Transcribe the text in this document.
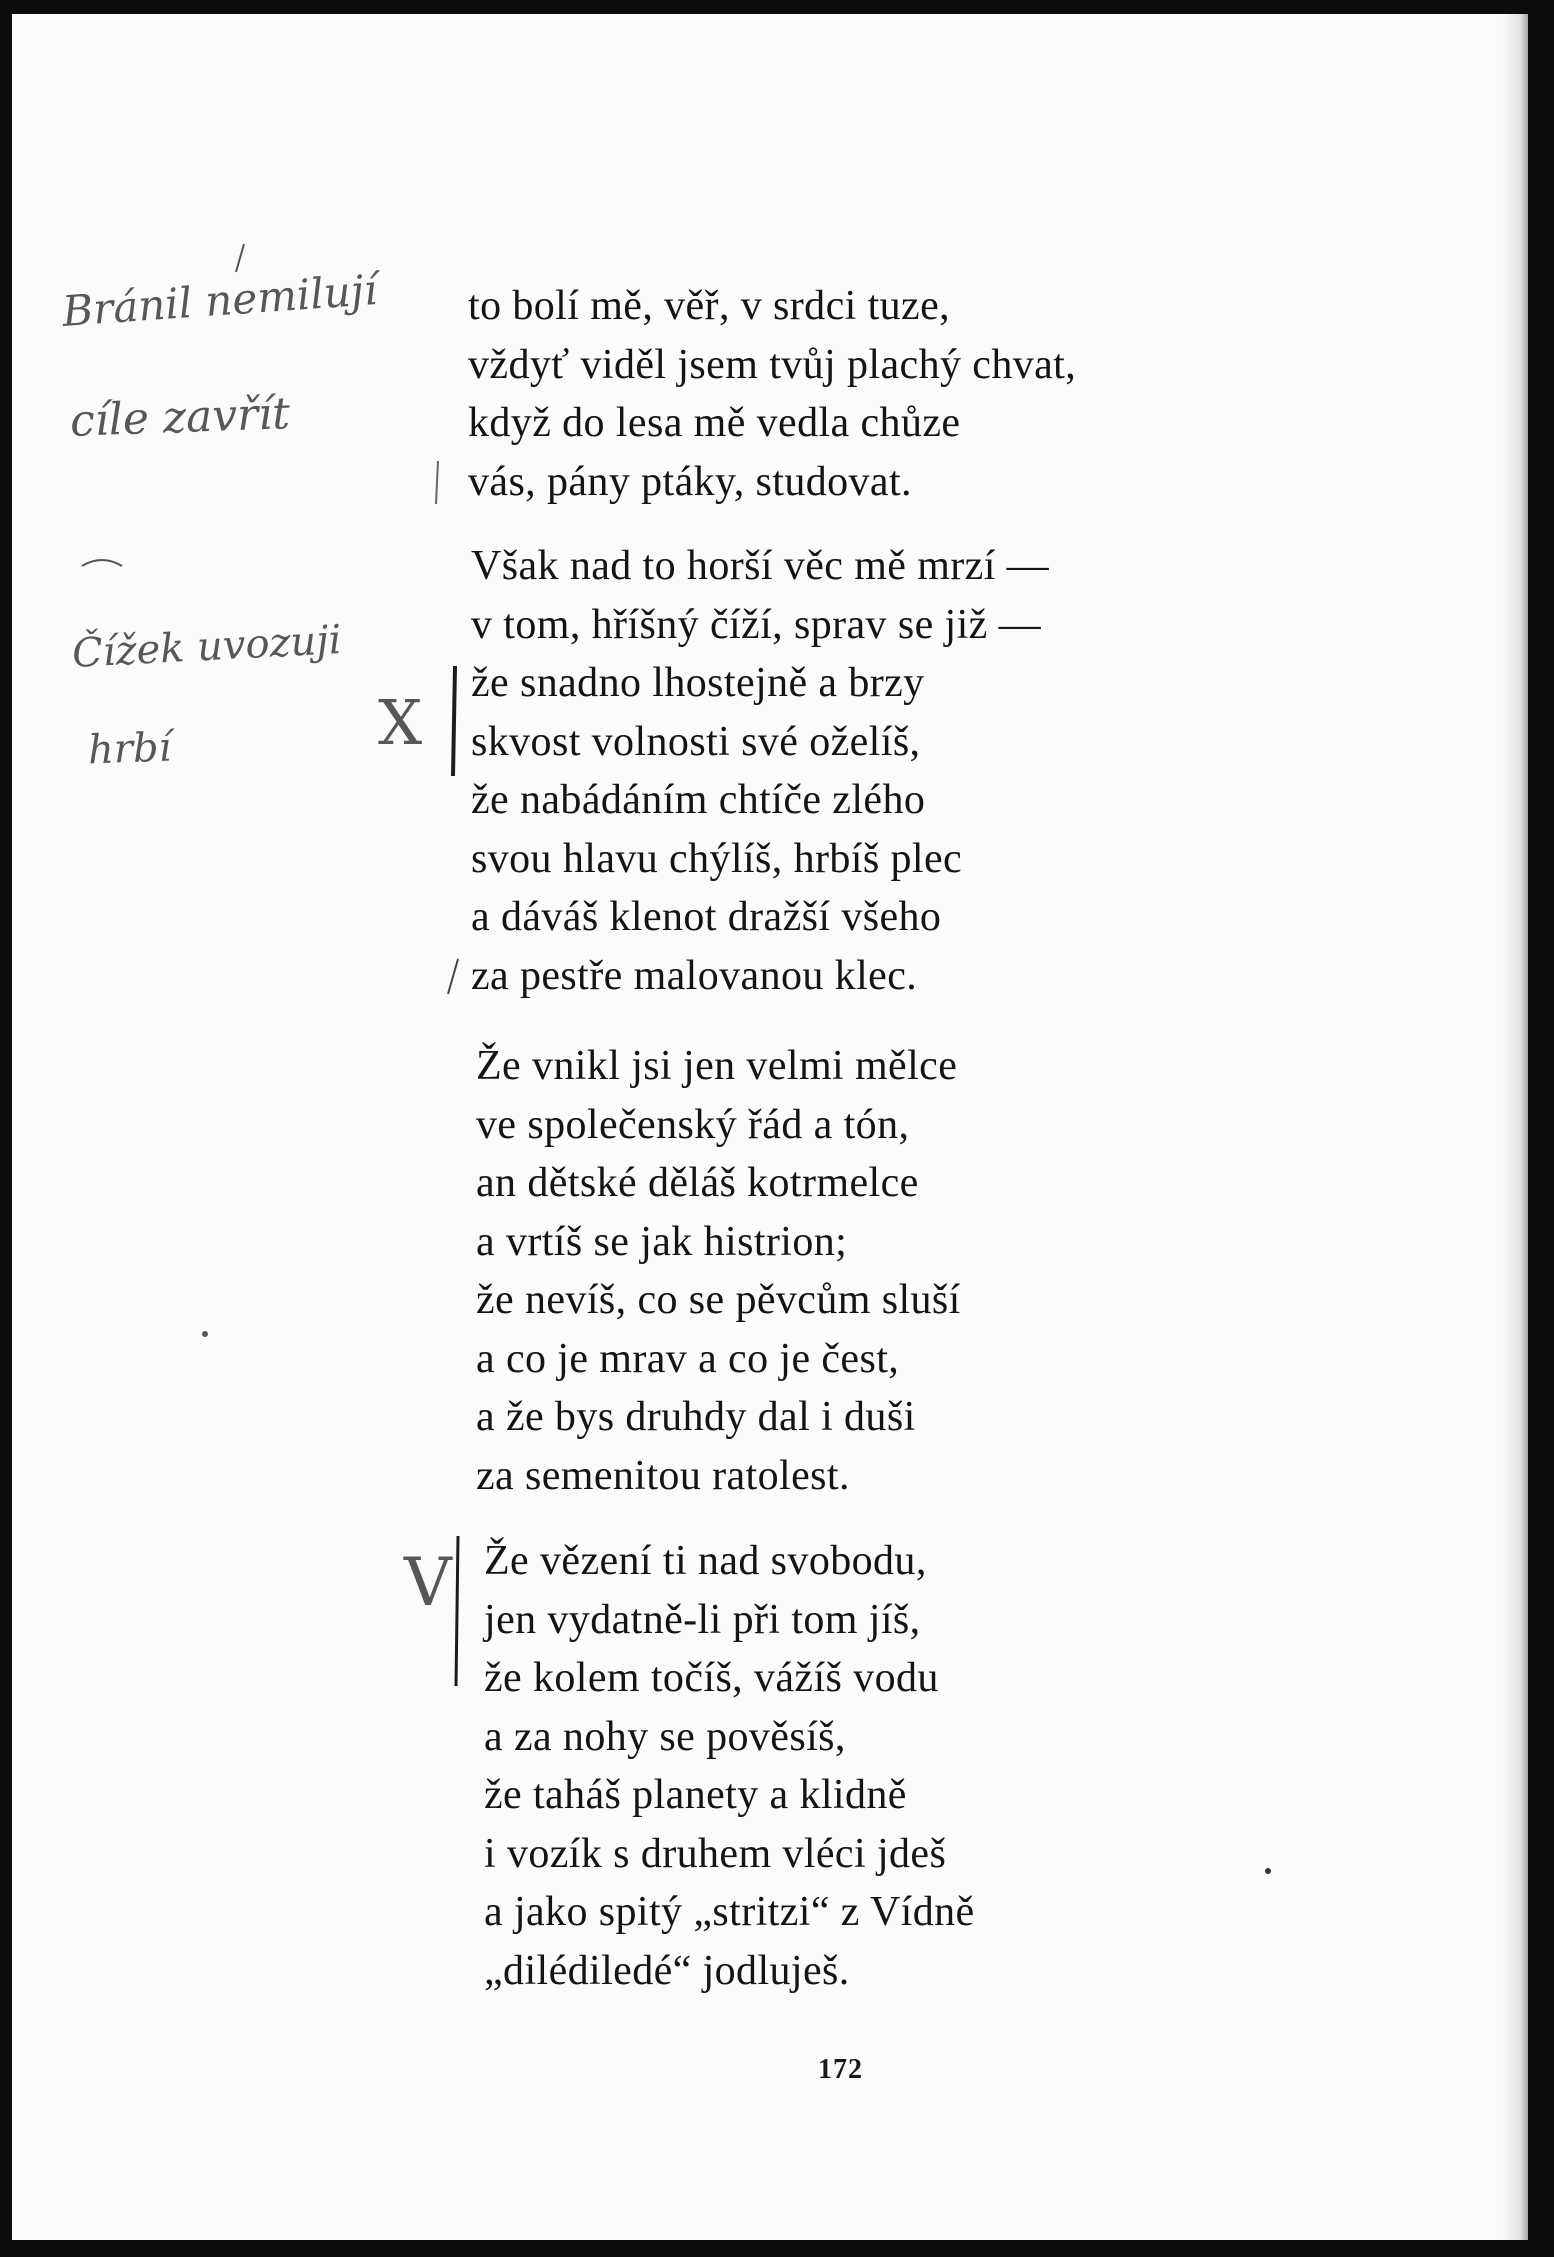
to bolí mě, věř, v srdci tuze,
vždyť viděl jsem tvůj plachý chvat,
když do lesa mě vedla chůze
vás, pány ptáky, studovat.
Však nad to horší věc mě mrzí —
v tom, hříšný číží, sprav se již —
že snadno lhostejně a brzy
skvost volnosti své oželíš,
že nabádáním chtíče zlého
svou hlavu chýlíš, hrbíš plec
a dáváš klenot dražší všeho
za pestře malovanou klec.
Že vnikl jsi jen velmi mělce
ve společenský řád a tón,
an dětské děláš kotrmelce
a vrtíš se jak histrion;
že nevíš, co se pěvcům sluší
a co je mrav a co je čest,
a že bys druhdy dal i duši
za semenitou ratolest.
Že vězení ti nad svobodu,
jen vydatně-li při tom jíš,
že kolem točíš, vážíš vodu
a za nohy se pověsíš,
že taháš planety a klidně
i vozík s druhem vléci jdeš
a jako spitý „stritzi“ z Vídně
„dilédiledé“ jodluješ.
172
Bránil nemilují
cíle zavřít
Čížek uvozuji
hrbí	X
V
